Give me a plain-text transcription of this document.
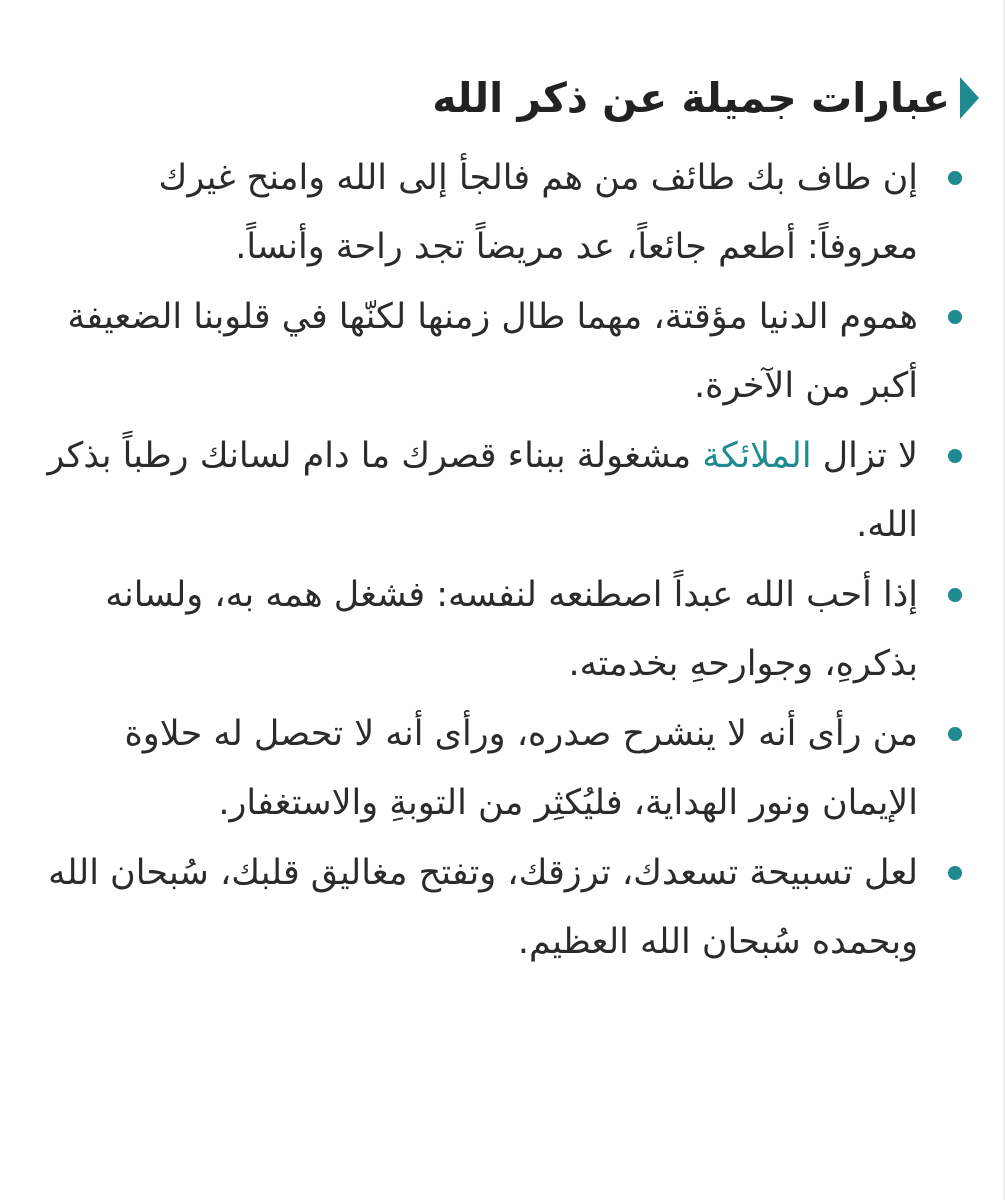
عبارات جميلة عن ذكر الله
إن طاف بك طائف من هم فالجأ إلى الله وامنح غيرك معروفاً: أطعم جائعاً، عد مريضاً تجد راحة وأنساً.
هموم الدنيا مؤقتة، مهما طال زمنها لكنّها في قلوبنا الضعيفة أكبر من الآخرة.
لا تزال الملائكة مشغولة ببناء قصرك ما دام لسانك رطباً بذكر الله.
إذا أحب الله عبداً اصطنعه لنفسه: فشغل همه به، ولسانه بذكرهِ، وجوارحهِ بخدمته.
من رأى أنه لا ينشرح صدره، ورأى أنه لا تحصل له حلاوة الإيمان ونور الهداية، فليُكثِر من التوبةِ والاستغفار.
لعل تسبيحة تسعدك، ترزقك، وتفتح مغاليق قلبك، سُبحان الله وبحمده سُبحان الله العظيم.
